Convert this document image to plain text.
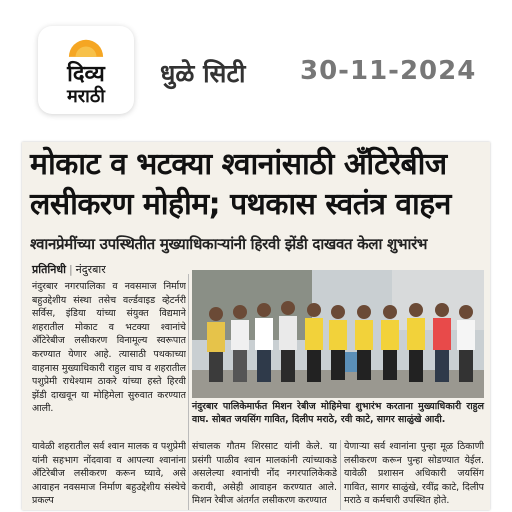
दिव्य
मराठी
धुळे सिटी 30-11-2024
मोकाट व भटक्या श्वानांसाठी ॲंटिरेबीज
लसीकरण मोहीम; पथकास स्वतंत्र वाहन
श्वानप्रेमींच्या उपस्थितीत मुख्याधिकाऱ्यांनी हिरवी झेंडी दाखवत केला शुभारंभ
प्रतिनिधी | नंदुरबार
नंदुरबार नगरपालिका व नवसमाज निर्माण बहुउद्देशीय संस्था तसेच वर्ल्डवाइड व्हेटर्नरी सर्विस, इंडिया यांच्या संयुक्त विद्यमाने शहरातील मोकाट व भटक्या श्वानांचे ॲंटिरेबीज लसीकरण विनामूल्य स्वरूपात करण्यात येणार आहे. त्यासाठी पथकाच्या वाहनास मुख्याधिकारी राहुल वाघ व शहरातील पशुप्रेमी राधेश्याम ठाकरे यांच्या हस्ते हिरवी झेंडी दाखवून या मोहिमेला सुरुवात करण्यात आली.
यावेळी शहरातील सर्व श्वान मालक व पशुप्रेमी यांनी सहभाग नोंदवावा व आपल्या श्वानांना ॲंटिरेबीज लसीकरण करून घ्यावे, असे आवाहन नवसमाज निर्माण बहुउद्देशीय संस्थेचे प्रकल्प
नंदुरबार पालिकेमार्फत मिशन रेबीज मोहिमेचा शुभारंभ करताना मुख्याधिकारी राहुल वाघ. सोबत जयसिंग गावित, दिलीप मराठे, रवी काटे, सागर साळुंखे आदी.
संचालक गौतम शिरसाट यांनी केले. या प्रसंगी पाळीव श्वान मालकांनी त्यांच्याकडे असलेल्या श्वानांची नोंद नगरपालिकेकडे करावी, असेही आवाहन करण्यात आले. मिशन रेबीज अंतर्गत लसीकरण करण्यात
येणाऱ्या सर्व श्वानांना पुन्हा मूळ ठिकाणी लसीकरण करून पुन्हा सोडण्यात येईल. यावेळी प्रशासन अधिकारी जयसिंग गावित, सागर साळुंखे, रवींद्र काटे, दिलीप मराठे व कर्मचारी उपस्थित होते.
